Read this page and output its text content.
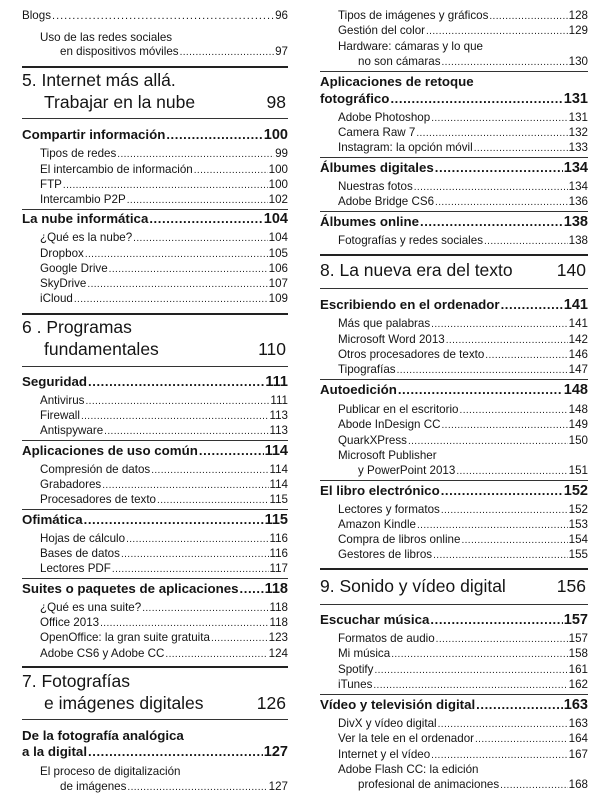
Blogs .....	96
Uso de las redes sociales
en dispositivos móviles .....	97
5. Internet más allá.
Trabajar en la nube	98
Compartir información .....	100
Tipos de redes .....	99
El intercambio de información .....	100
FTP .....	100
Intercambio P2P .....	102
La nube informática .....	104
¿Qué es la nube? .....	104
Dropbox .....	105
Google Drive .....	106
SkyDrive .....	107
iCloud .....	109
6 . Programas
fundamentales	110
Seguridad .....	111
Antivirus .....	111
Firewall .....	113
Antispyware .....	113
Aplicaciones de uso común .....	114
Compresión de datos .....	114
Grabadores .....	114
Procesadores de texto .....	115
Ofimática .....	115
Hojas de cálculo .....	116
Bases de datos .....	116
Lectores PDF .....	117
Suites o paquetes de aplicaciones ..... 118
¿Qué es una suite? .....	118
Office 2013 .....	118
OpenOffice: la gran suite gratuita .....	123
Adobe CS6 y Adobe CC .....	124
7. Fotografías
e imágenes digitales	126
De la fotografía analógica
a la digital .....	127
El proceso de digitalización
de imágenes .....	127
Tipos de imágenes y gráficos .....	128
Gestión del color .....	129
Hardware: cámaras y lo que
no son cámaras .....	130
Aplicaciones de retoque
fotográfico .....	131
Adobe Photoshop .....	131
Camera Raw 7 .....	132
Instagram: la opción móvil .....	133
Álbumes digitales .....	134
Nuestras fotos .....	134
Adobe Bridge CS6 .....	136
Álbumes online .....	138
Fotografías y redes sociales .....	138
8. La nueva era del texto	140
Escribiendo en el ordenador .....	141
Más que palabras .....	141
Microsoft Word 2013 .....	142
Otros procesadores de texto .....	146
Tipografías .....	147
Autoedición .....	148
Publicar en el escritorio .....	148
Abode InDesign CC .....	149
QuarkXPress .....	150
Microsoft Publisher
y PowerPoint 2013 .....	151
El libro electrónico .....	152
Lectores y formatos .....	152
Amazon Kindle .....	153
Compra de libros online .....	154
Gestores de libros .....	155
9. Sonido y vídeo digital	156
Escuchar música .....	157
Formatos de audio .....	157
Mi música .....	158
Spotify .....	161
iTunes .....	162
Vídeo y televisión digital .....	163
DivX y vídeo digital .....	163
Ver la tele en el ordenador .....	164
Internet y el vídeo .....	167
Adobe Flash CC: la edición
profesional de animaciones .....	168
